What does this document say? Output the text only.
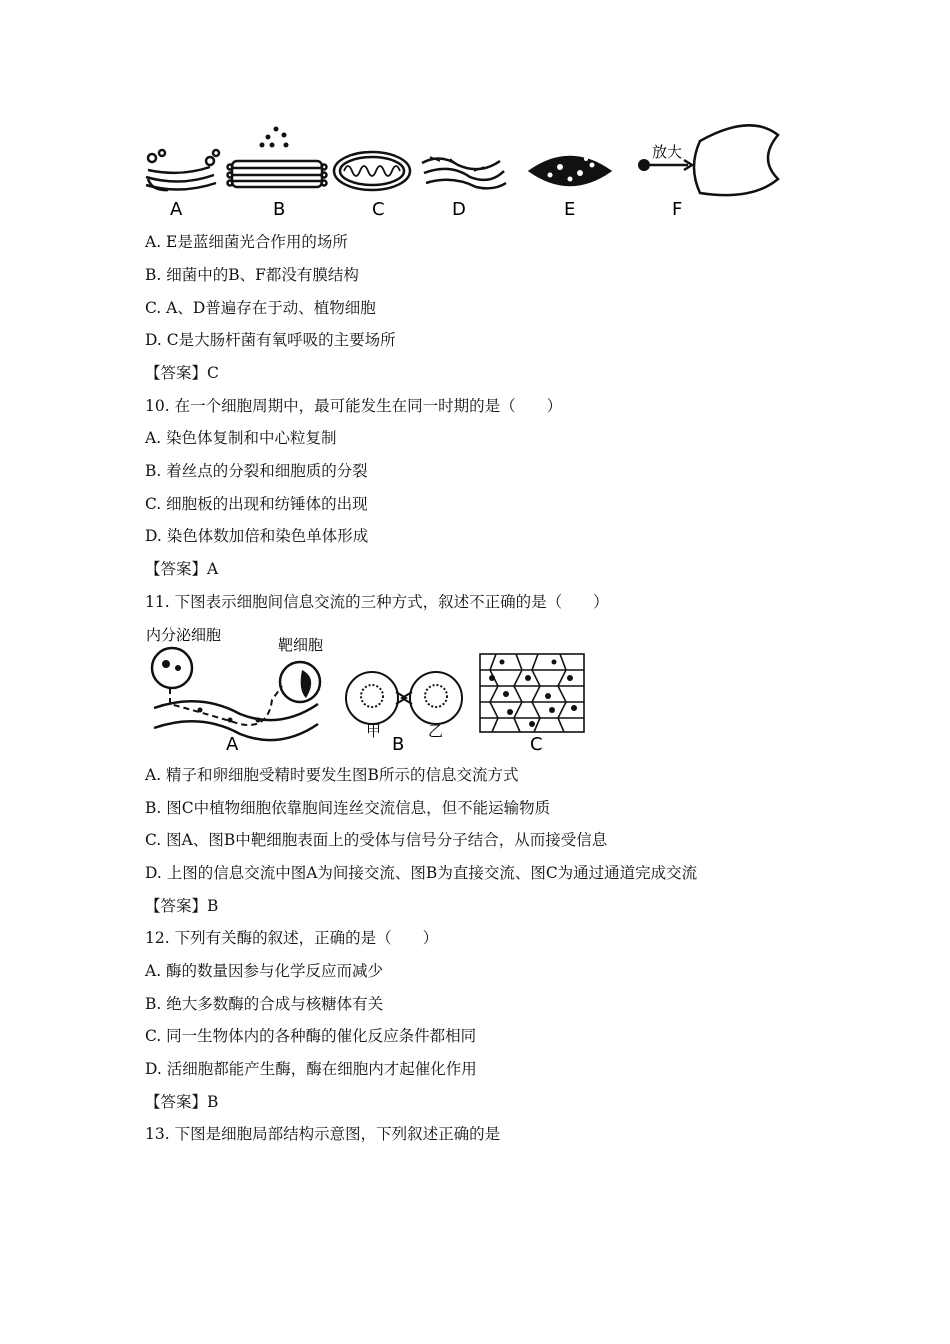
放大
A	B	C	D	E	F
A. E是蓝细菌光合作用的场所
B. 细菌中的B、F都没有膜结构
C. A、D普遍存在于动、植物细胞
D. C是大肠杆菌有氧呼吸的主要场所
【答案】C
10. 在一个细胞周期中，最可能发生在同一时期的是（　　）
A. 染色体复制和中心粒复制
B. 着丝点的分裂和细胞质的分裂
C. 细胞板的出现和纺锤体的出现
D. 染色体数加倍和染色单体形成
【答案】A
11. 下图表示细胞间信息交流的三种方式，叙述不正确的是（　　）
内分泌细胞
靶细胞
甲	乙
A	B	C
A. 精子和卵细胞受精时要发生图B所示的信息交流方式
B. 图C中植物细胞依靠胞间连丝交流信息，但不能运输物质
C. 图A、图B中靶细胞表面上的受体与信号分子结合，从而接受信息
D. 上图的信息交流中图A为间接交流、图B为直接交流、图C为通过通道完成交流
【答案】B
12. 下列有关酶的叙述，正确的是（　　）
A. 酶的数量因参与化学反应而减少
B. 绝大多数酶的合成与核糖体有关
C. 同一生物体内的各种酶的催化反应条件都相同
D. 活细胞都能产生酶，酶在细胞内才起催化作用
【答案】B
13. 下图是细胞局部结构示意图，下列叙述正确的是
